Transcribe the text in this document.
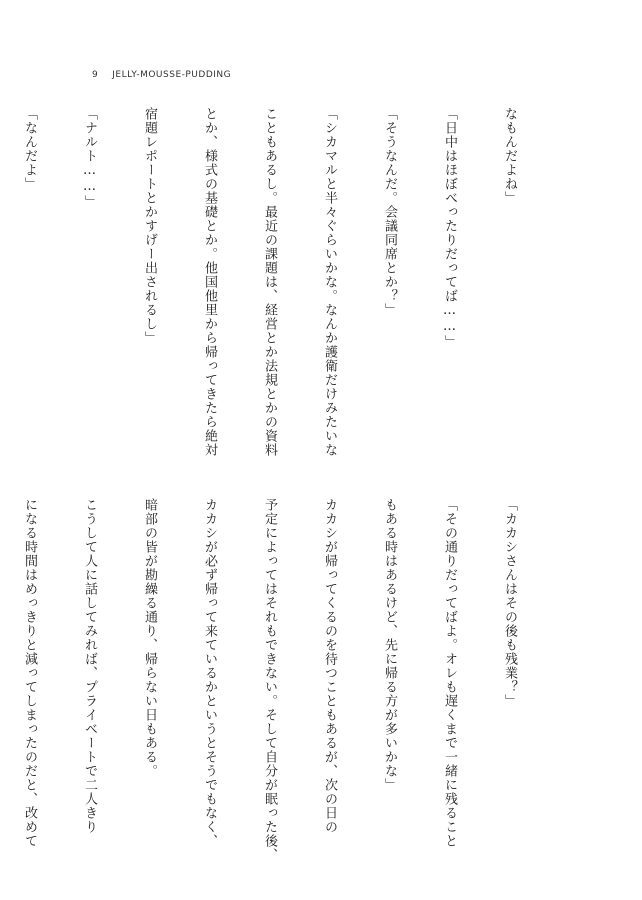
9 JELLY-MOUSSE-PUDDING

なもんだよね」

「日中はほぼべったりだってば……」

「そうなんだ。会議同席とか？」

「シカマルと半々ぐらいかな。なんか護衛だけみたいな

こともあるし。最近の課題は、経営とか法規とかの資料

とか、様式の基礎とか。他国他里から帰ってきたら絶対

宿題レポートとかすげー出されるし」

「ナルト……」

「なんだよ」

「カカシさんはその後も残業？」

「その通りだってばよ。オレも遅くまで一緒に残ること

もある時はあるけど、先に帰る方が多いかな」

カカシが帰ってくるのを待つこともあるが、次の日の

予定によってはそれもできない。そして自分が眠った後、

カカシが必ず帰って来ているかというとそうでもなく、

暗部の皆が勘繰る通り、帰らない日もある。

こうして人に話してみれば、プライベートで二人きり

になる時間はめっきりと減ってしまったのだと、改めて
